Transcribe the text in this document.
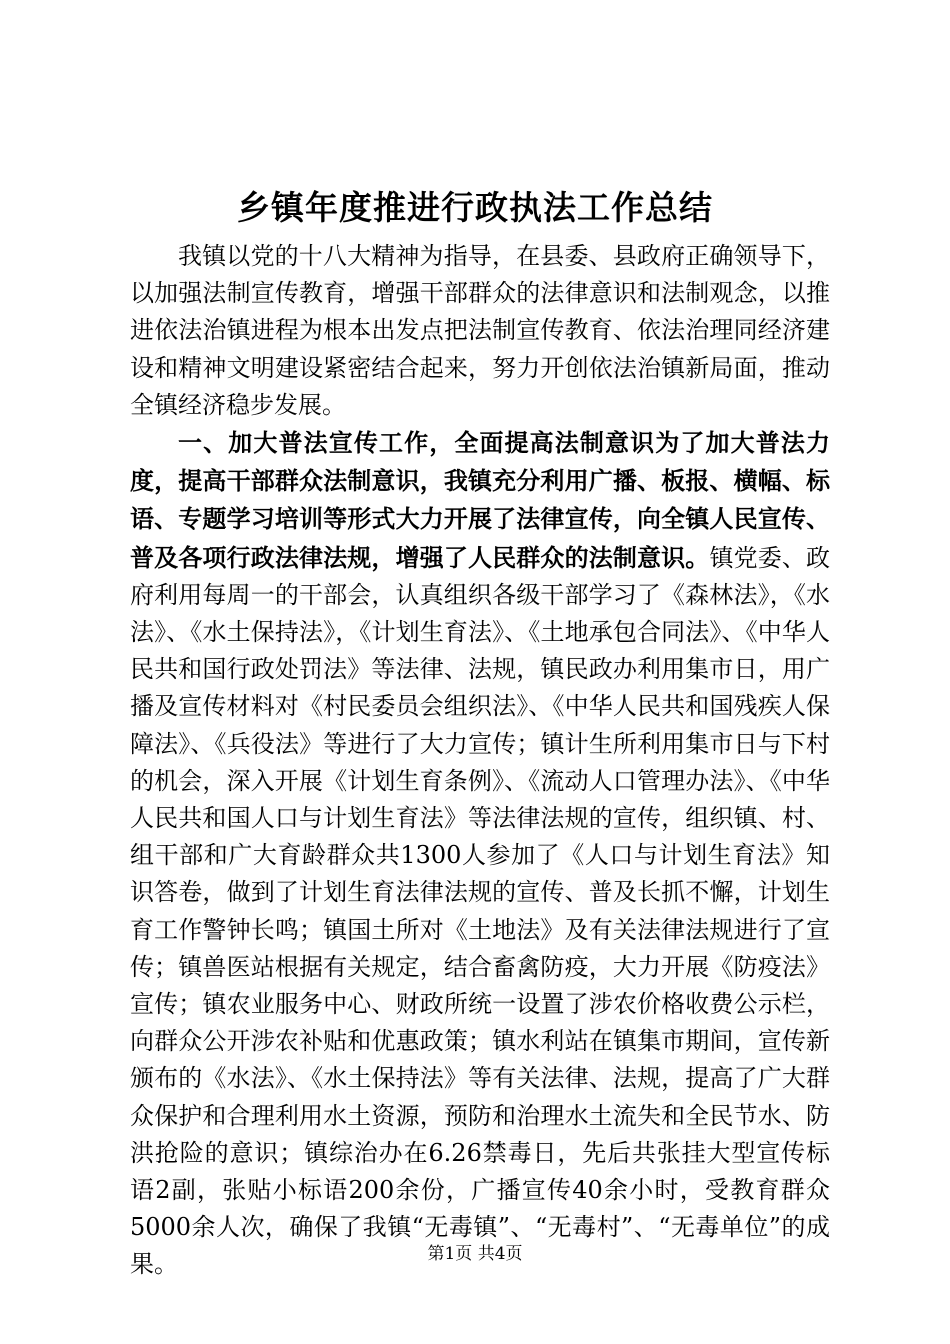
乡镇年度推进行政执法工作总结

我镇以党的十八大精神为指导，在县委、县政府正确领导下，以加强法制宣传教育，增强干部群众的法律意识和法制观念，以推进依法治镇进程为根本出发点把法制宣传教育、依法治理同经济建设和精神文明建设紧密结合起来，努力开创依法治镇新局面，推动全镇经济稳步发展。

一、加大普法宣传工作，全面提高法制意识为了加大普法力度，提高干部群众法制意识，我镇充分利用广播、板报、横幅、标语、专题学习培训等形式大力开展了法律宣传，向全镇人民宣传、普及各项行政法律法规，增强了人民群众的法制意识。镇党委、政府利用每周一的干部会，认真组织各级干部学习了《森林法》，《水法》、《水土保持法》，《计划生育法》、《土地承包合同法》、《中华人民共和国行政处罚法》等法律、法规，镇民政办利用集市日，用广播及宣传材料对《村民委员会组织法》、《中华人民共和国残疾人保障法》、《兵役法》等进行了大力宣传；镇计生所利用集市日与下村的机会，深入开展《计划生育条例》、《流动人口管理办法》、《中华人民共和国人口与计划生育法》等法律法规的宣传，组织镇、村、组干部和广大育龄群众共1300人参加了《人口与计划生育法》知识答卷，做到了计划生育法律法规的宣传、普及长抓不懈，计划生育工作警钟长鸣；镇国土所对《土地法》及有关法律法规进行了宣传；镇兽医站根据有关规定，结合畜禽防疫，大力开展《防疫法》宣传；镇农业服务中心、财政所统一设置了涉农价格收费公示栏，向群众公开涉农补贴和优惠政策；镇水利站在镇集市期间，宣传新颁布的《水法》、《水土保持法》等有关法律、法规，提高了广大群众保护和合理利用水土资源，预防和治理水土流失和全民节水、防洪抢险的意识；镇综治办在6.26禁毒日，先后共张挂大型宣传标语2副，张贴小标语200余份，广播宣传40余小时，受教育群众5000余人次，确保了我镇“无毒镇”、“无毒村”、“无毒单位”的成果。	第1页 共4页
